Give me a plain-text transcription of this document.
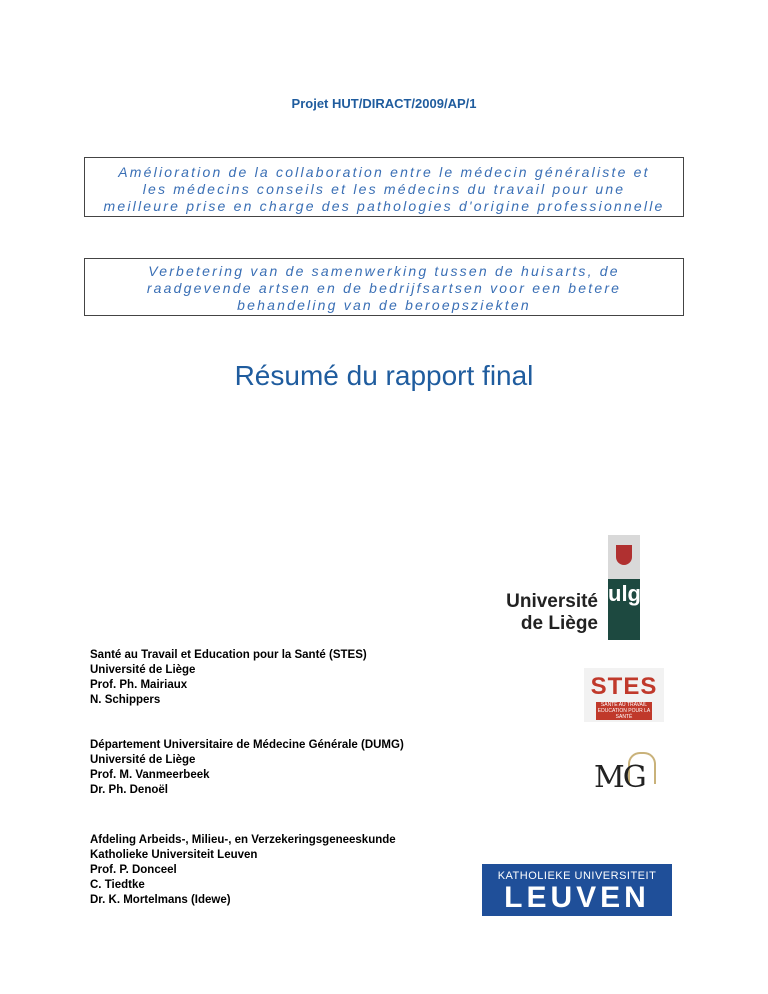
Projet HUT/DIRACT/2009/AP/1
Amélioration de la collaboration entre le médecin généraliste et
les médecins conseils et les médecins du travail pour une
meilleure prise en charge des pathologies d'origine professionnelle
Verbetering van de samenwerking tussen de huisarts, de
raadgevende artsen en de bedrijfsartsen voor een betere
behandeling van de beroepsziekten
Résumé du rapport final
Université
de Liège
ulg
Santé au Travail et Education pour la Santé (STES)
Université de Liège
Prof. Ph. Mairiaux
N. Schippers	STES
SANTÉ AU TRAVAIL EDUCATION POUR LA SANTÉ
Département Universitaire de Médecine Générale (DUMG)
Université de Liège
Prof. M. Vanmeerbeek
Dr. Ph. Denoël	MG
Afdeling Arbeids-, Milieu-, en Verzekeringsgeneeskunde
Katholieke Universiteit Leuven
Prof. P. Donceel
C. Tiedtke
Dr. K. Mortelmans (Idewe)
KATHOLIEKE UNIVERSITEIT
LEUVEN
